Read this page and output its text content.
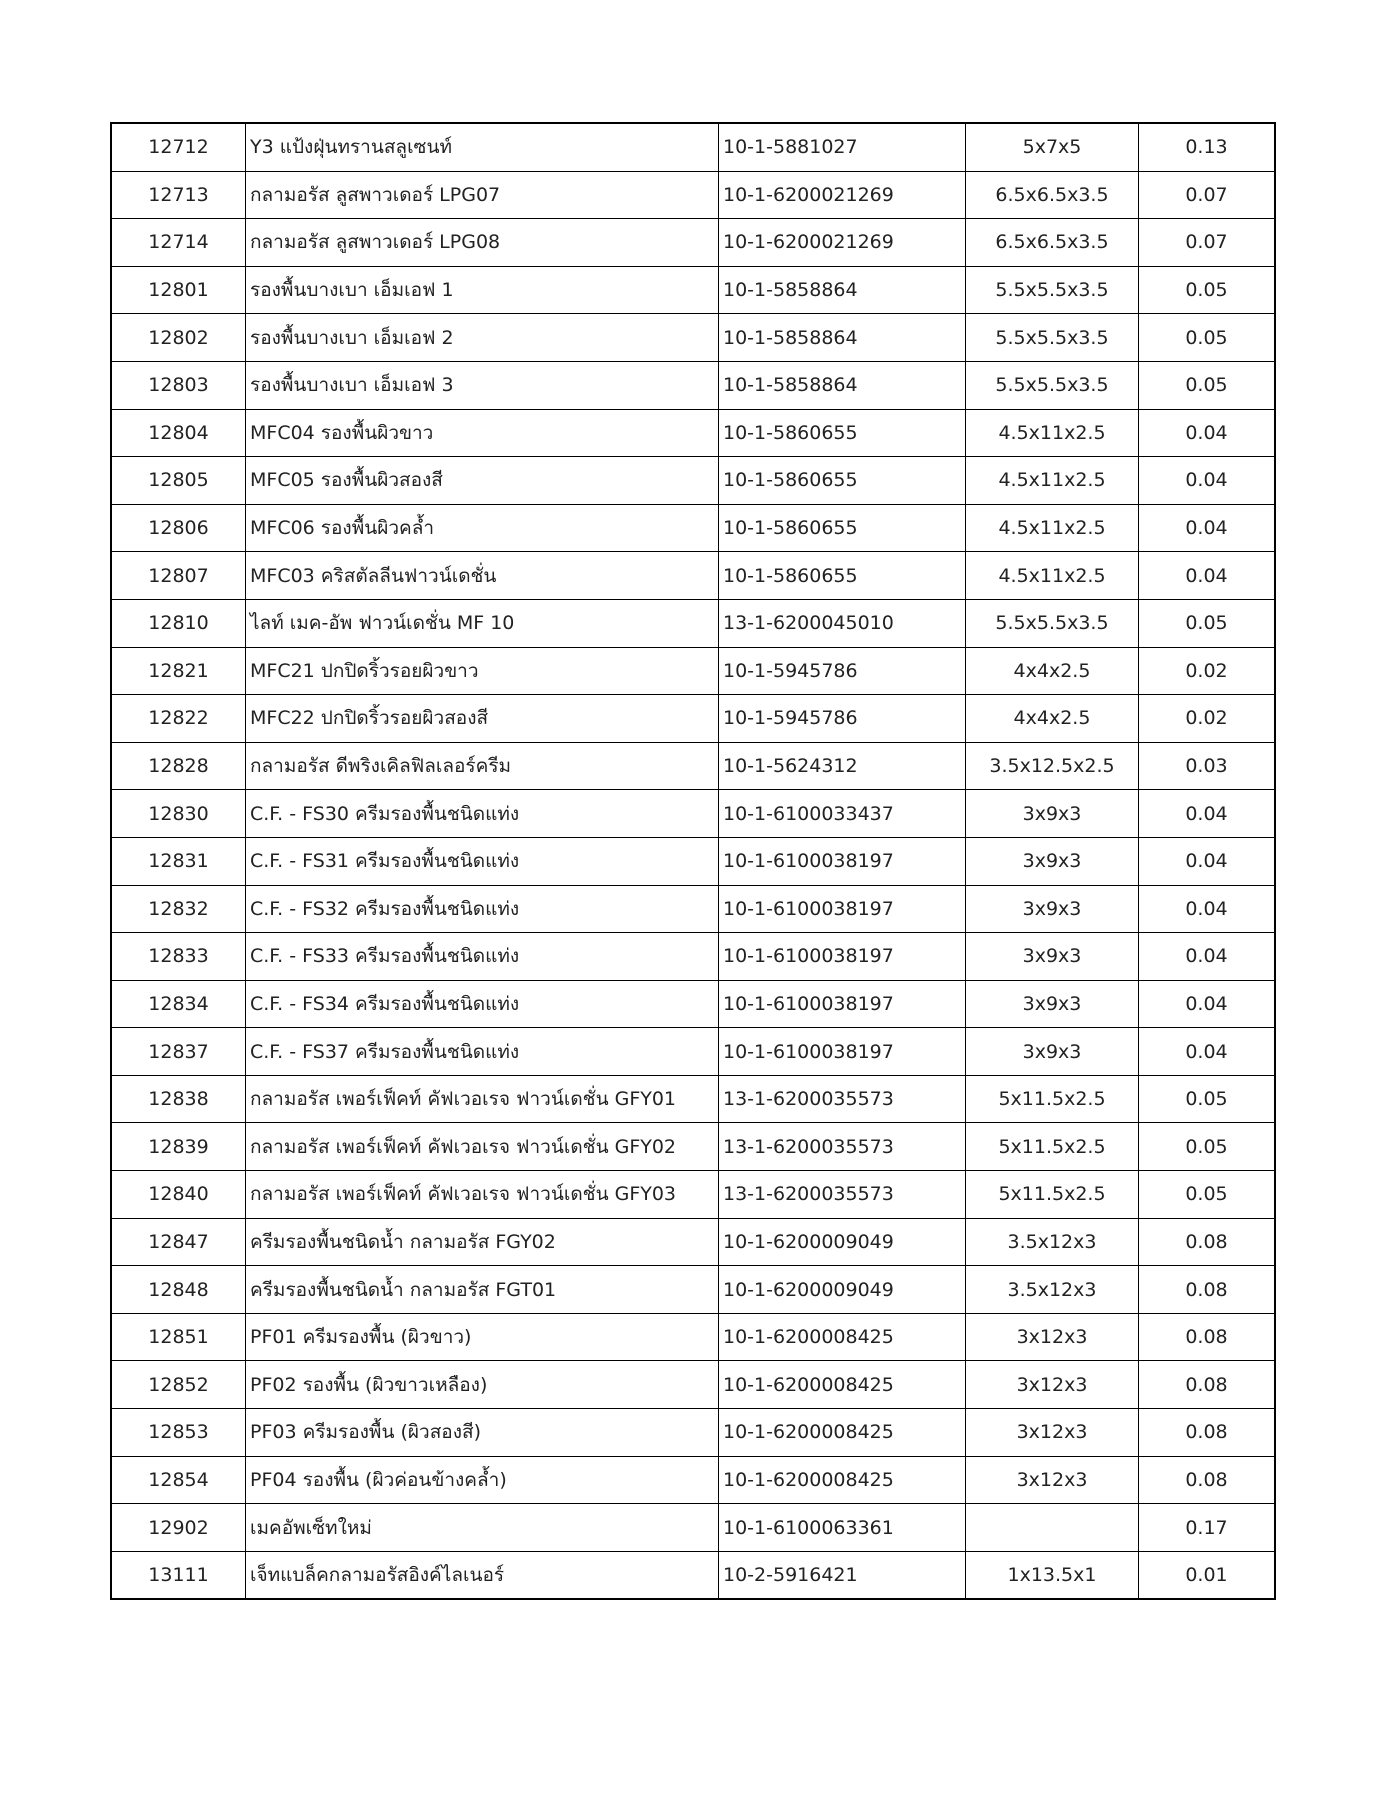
12712	Y3 แป้งฝุ่นทรานสลูเซนท์	10-1-5881027	5x7x5	0.13
12713	กลามอรัส ลูสพาวเดอร์ LPG07	10-1-6200021269	6.5x6.5x3.5	0.07
12714	กลามอรัส ลูสพาวเดอร์ LPG08	10-1-6200021269	6.5x6.5x3.5	0.07
12801	รองพื้นบางเบา เอ็มเอฟ 1	10-1-5858864	5.5x5.5x3.5	0.05
12802	รองพื้นบางเบา เอ็มเอฟ 2	10-1-5858864	5.5x5.5x3.5	0.05
12803	รองพื้นบางเบา เอ็มเอฟ 3	10-1-5858864	5.5x5.5x3.5	0.05
12804	MFC04 รองพื้นผิวขาว	10-1-5860655	4.5x11x2.5	0.04
12805	MFC05 รองพื้นผิวสองสี	10-1-5860655	4.5x11x2.5	0.04
12806	MFC06 รองพื้นผิวคล้ำ	10-1-5860655	4.5x11x2.5	0.04
12807	MFC03 คริสตัลลีนฟาวน์เดชั่น	10-1-5860655	4.5x11x2.5	0.04
12810	ไลท์ เมค-อัพ ฟาวน์เดชั่น MF 10	13-1-6200045010	5.5x5.5x3.5	0.05
12821	MFC21 ปกปิดริ้วรอยผิวขาว	10-1-5945786	4x4x2.5	0.02
12822	MFC22 ปกปิดริ้วรอยผิวสองสี	10-1-5945786	4x4x2.5	0.02
12828	กลามอรัส ดีพริงเคิลฟิลเลอร์ครีม	10-1-5624312	3.5x12.5x2.5	0.03
12830	C.F. - FS30 ครีมรองพื้นชนิดแท่ง	10-1-6100033437	3x9x3	0.04
12831	C.F. - FS31 ครีมรองพื้นชนิดแท่ง	10-1-6100038197	3x9x3	0.04
12832	C.F. - FS32 ครีมรองพื้นชนิดแท่ง	10-1-6100038197	3x9x3	0.04
12833	C.F. - FS33 ครีมรองพื้นชนิดแท่ง	10-1-6100038197	3x9x3	0.04
12834	C.F. - FS34 ครีมรองพื้นชนิดแท่ง	10-1-6100038197	3x9x3	0.04
12837	C.F. - FS37 ครีมรองพื้นชนิดแท่ง	10-1-6100038197	3x9x3	0.04
12838	กลามอรัส เพอร์เฟ็คท์ คัฟเวอเรจ ฟาวน์เดชั่น GFY01	13-1-6200035573	5x11.5x2.5	0.05
12839	กลามอรัส เพอร์เฟ็คท์ คัฟเวอเรจ ฟาวน์เดชั่น GFY02	13-1-6200035573	5x11.5x2.5	0.05
12840	กลามอรัส เพอร์เฟ็คท์ คัฟเวอเรจ ฟาวน์เดชั่น GFY03	13-1-6200035573	5x11.5x2.5	0.05
12847	ครีมรองพื้นชนิดน้ำ กลามอรัส FGY02	10-1-6200009049	3.5x12x3	0.08
12848	ครีมรองพื้นชนิดน้ำ กลามอรัส FGT01	10-1-6200009049	3.5x12x3	0.08
12851	PF01 ครีมรองพื้น (ผิวขาว)	10-1-6200008425	3x12x3	0.08
12852	PF02 รองพื้น (ผิวขาวเหลือง)	10-1-6200008425	3x12x3	0.08
12853	PF03 ครีมรองพื้น (ผิวสองสี)	10-1-6200008425	3x12x3	0.08
12854	PF04 รองพื้น (ผิวค่อนข้างคล้ำ)	10-1-6200008425	3x12x3	0.08
12902	เมคอัพเซ็ทใหม่	10-1-6100063361		0.17
13111	เจ็ทแบล็คกลามอรัสอิงค์ไลเนอร์	10-2-5916421	1x13.5x1	0.01
